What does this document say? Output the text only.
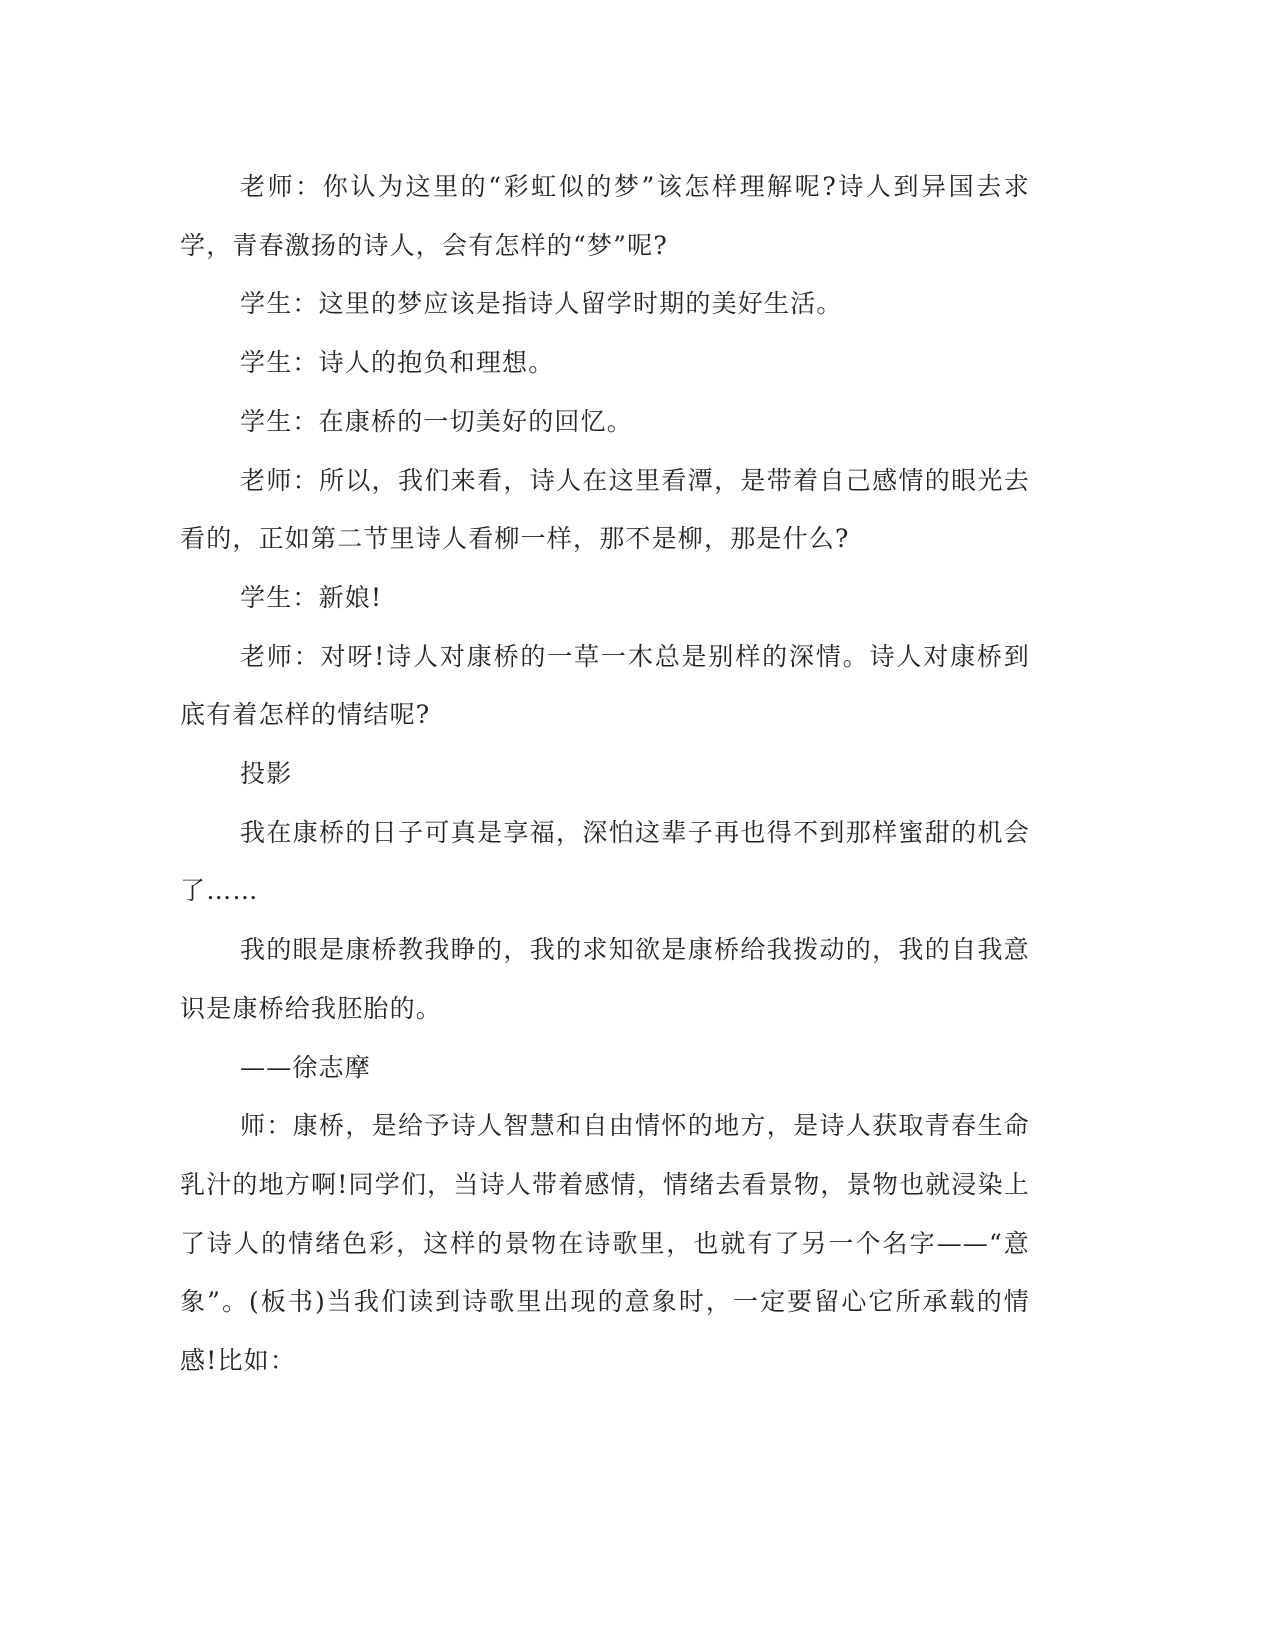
老师：你认为这里的“彩虹似的梦”该怎样理解呢?诗人到异国去求学，青春激扬的诗人，会有怎样的“梦”呢?

学生：这里的梦应该是指诗人留学时期的美好生活。

学生：诗人的抱负和理想。

学生：在康桥的一切美好的回忆。

老师：所以，我们来看，诗人在这里看潭，是带着自己感情的眼光去看的，正如第二节里诗人看柳一样，那不是柳，那是什么?

学生：新娘!

老师：对呀!诗人对康桥的一草一木总是别样的深情。诗人对康桥到底有着怎样的情结呢?

投影

我在康桥的日子可真是享福，深怕这辈子再也得不到那样蜜甜的机会了……

我的眼是康桥教我睁的，我的求知欲是康桥给我拨动的，我的自我意识是康桥给我胚胎的。

——徐志摩

师：康桥，是给予诗人智慧和自由情怀的地方，是诗人获取青春生命乳汁的地方啊!同学们，当诗人带着感情，情绪去看景物，景物也就浸染上了诗人的情绪色彩，这样的景物在诗歌里，也就有了另一个名字——“意象”。(板书)当我们读到诗歌里出现的意象时，一定要留心它所承载的情感!比如：
